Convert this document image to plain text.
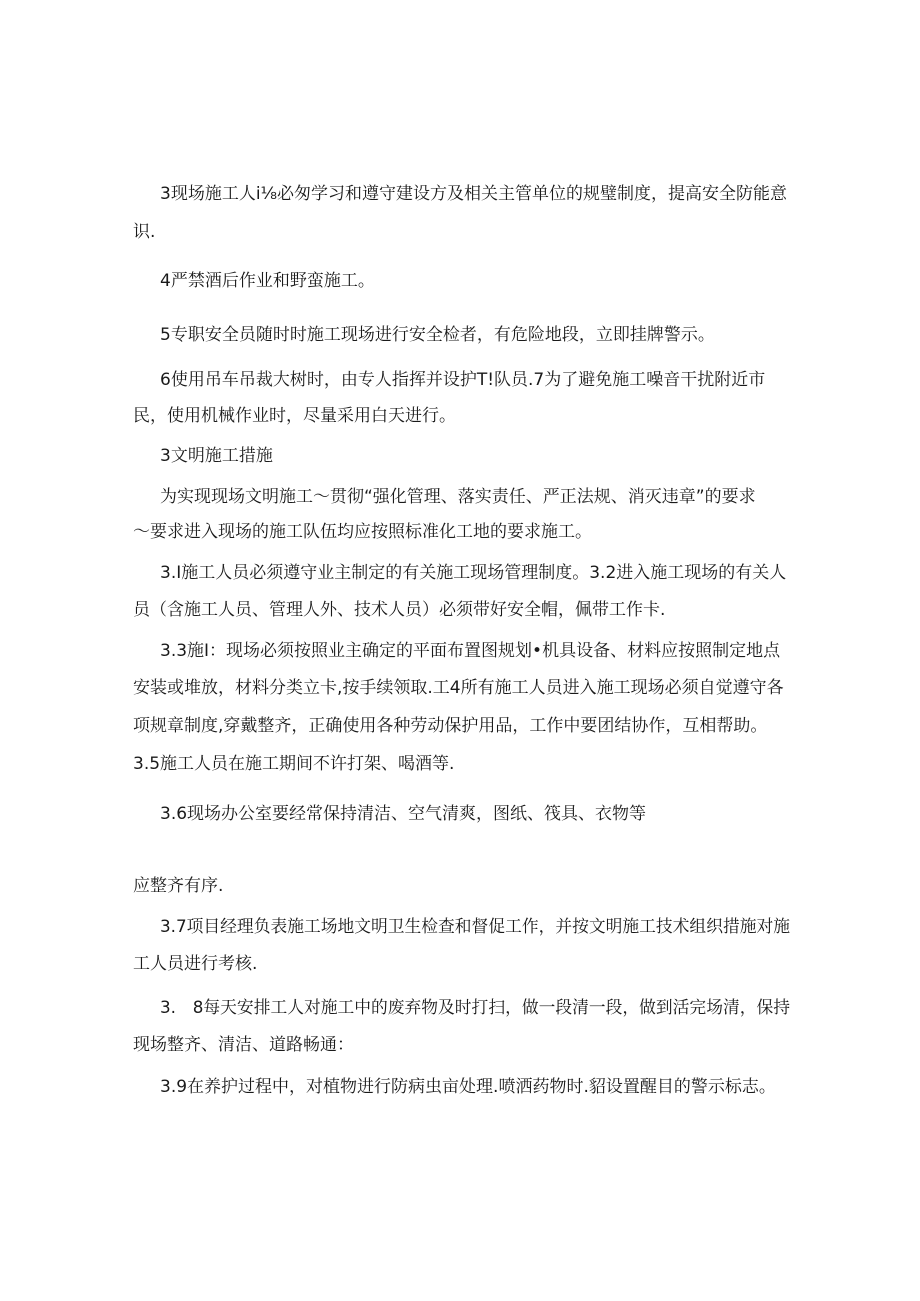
3现场施工人i⅛必匆学习和遵守建设方及相关主管单位的规璧制度，提高安全防能意
识.
4严禁酒后作业和野蛮施工。
5专职安全员随时时施工现场进行安全检者，有危险地段，立即挂牌警示。
6使用吊车吊裁大树时，由专人指挥并设护T!队员.7为了避免施工噪音干扰附近市
民，使用机械作业时，尽量采用白天进行。
3文明施工措施
为实现现场文明施工〜贯彻“强化管理、落实责任、严正法规、消灭违章”的要求
〜要求进入现场的施工队伍均应按照标准化工地的要求施工。
3.I施工人员必须遵守业主制定的有关施工现场管理制度。3.2进入施工现场的有关人
员（含施工人员、管理人外、技术人员）必须带好安全帽，佩带工作卡.
3.3施I：现场必须按照业主确定的平面布置图规划•机具设备、材料应按照制定地点
安装或堆放，材料分类立卡,按手续领取.工4所有施工人员进入施工现场必须自觉遵守各
项规章制度,穿戴整齐，正确使用各种劳动保护用品，工作中要团结协作，互相帮助。
3.5施工人员在施工期间不许打架、喝酒等.
3.6现场办公室要经常保持清洁、空气清爽，图纸、筏具、衣物等
应整齐有序.
3.7项目经理负表施工场地文明卫生检查和督促工作，并按文明施工技术组织措施对施
工人员进行考核.
3.　8每天安排工人对施工中的废弃物及时打扫，做一段清一段，做到活完场清，保持
现场整齐、清洁、道路畅通：
3.9在养护过程中，对植物进行防病虫亩处理.喷洒药物时.貂设置醒目的警示标志。
